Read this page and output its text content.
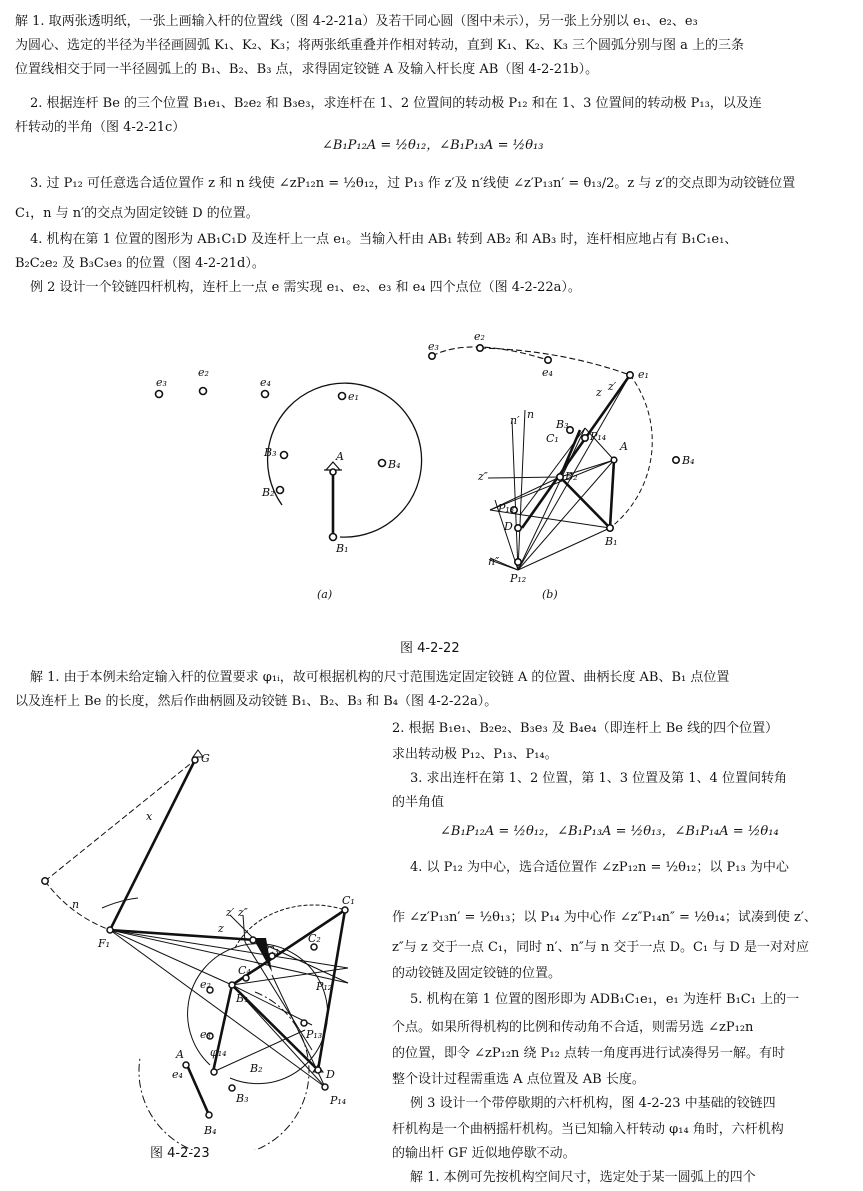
解 1. 取两张透明纸，一张上画输入杆的位置线（图 4-2-21a）及若干同心圆（图中未示），另一张上分别以 e₁、e₂、e₃
为圆心、选定的半径为半径画圆弧 K₁、K₂、K₃；将两张纸重叠并作相对转动，直到 K₁、K₂、K₃ 三个圆弧分别与图 a 上的三条
位置线相交于同一半径圆弧上的 B₁、B₂、B₃ 点，求得固定铰链 A 及输入杆长度 AB（图 4-2-21b）。
2. 根据连杆 Be 的三个位置 B₁e₁、B₂e₂ 和 B₃e₃，求连杆在 1、2 位置间的转动极 P₁₂ 和在 1、3 位置间的转动极 P₁₃，以及连
杆转动的半角（图 4-2-21c）
∠B₁P₁₂A = ½θ₁₂，∠B₁P₁₃A = ½θ₁₃
3. 过 P₁₂ 可任意选合适位置作 z 和 n 线使 ∠zP₁₂n = ½θ₁₂，过 P₁₃ 作 z′及 n′线使 ∠z′P₁₃n′ = θ₁₃/2。z 与 z′的交点即为动铰链位置
C₁，n 与 n′的交点为固定铰链 D 的位置。
4. 机构在第 1 位置的图形为 AB₁C₁D 及连杆上一点 e₁。当输入杆由 AB₁ 转到 AB₂ 和 AB₃ 时，连杆相应地占有 B₁C₁e₁、
B₂C₂e₂ 及 B₃C₃e₃ 的位置（图 4-2-21d）。
例 2 设计一个铰链四杆机构，连杆上一点 e 需实现 e₁、e₂、e₃ 和 e₄ 四个点位（图 4-2-22a）。
e₃
e₂
e₄
e₁
B₃
B₄
B₂
A
B₁
e₃
e₂
e₄	e₁
z z′
n′ n
B₃
C₁	P₁₄
A
B₄
z″	B₂
P₁₃
D
B₁
n″
P₁₂
(a)	(b)
图 4-2-22
解 1. 由于本例未给定输入杆的位置要求 φ₁ᵢ，故可根据机构的尺寸范围选定固定铰链 A 的位置、曲柄长度 AB、B₁ 点位置
以及连杆上 Be 的长度，然后作曲柄圆及动铰链 B₁、B₂、B₃ 和 B₄（图 4-2-22a）。
2. 根据 B₁e₁、B₂e₂、B₃e₃ 及 B₄e₄（即连杆上 Be 线的四个位置）
求出转动极 P₁₂、P₁₃、P₁₄。
3. 求出连杆在第 1、2 位置，第 1、3 位置及第 1、4 位置间转角
的半角值
∠B₁P₁₂A = ½θ₁₂，∠B₁P₁₃A = ½θ₁₃，∠B₁P₁₄A = ½θ₁₄
4. 以 P₁₂ 为中心，选合适位置作 ∠zP₁₂n = ½θ₁₂；以 P₁₃ 为中心
作 ∠z′P₁₃n′ = ½θ₁₃；以 P₁₄ 为中心作 ∠z″P₁₄n″ = ½θ₁₄；试凑到使 z′、
z″与 z 交于一点 C₁，同时 n′、n″与 n 交于一点 D。C₁ 与 D 是一对对应
的动铰链及固定铰链的位置。
5. 机构在第 1 位置的图形即为 ADB₁C₁e₁，e₁ 为连杆 B₁C₁ 上的一
个点。如果所得机构的比例和传动角不合适，则需另选 ∠zP₁₂n
的位置，即令 ∠zP₁₂n 绕 P₁₂ 点转一角度再进行试凑得另一解。有时
整个设计过程需重选 A 点位置及 AB 长度。
例 3 设计一个带停歇期的六杆机构，图 4-2-23 中基础的铰链四
杆机构是一个曲柄摇杆机构。当已知输入杆转动 φ₁₄ 角时，六杆机构
的输出杆 GF 近似地停歇不动。
解 1. 本例可先按机构空间尺寸，选定处于某一圆弧上的四个
G
x
n
F₁
z′ z″
z
e₁	C₂
C₁
C₃
C₄
e₂	P₁₂
B₁
e₃
A
e₄
φ₁₄
P₁₃
D
B₃
B₂
P₁₄
B₄
图 4-2-23
